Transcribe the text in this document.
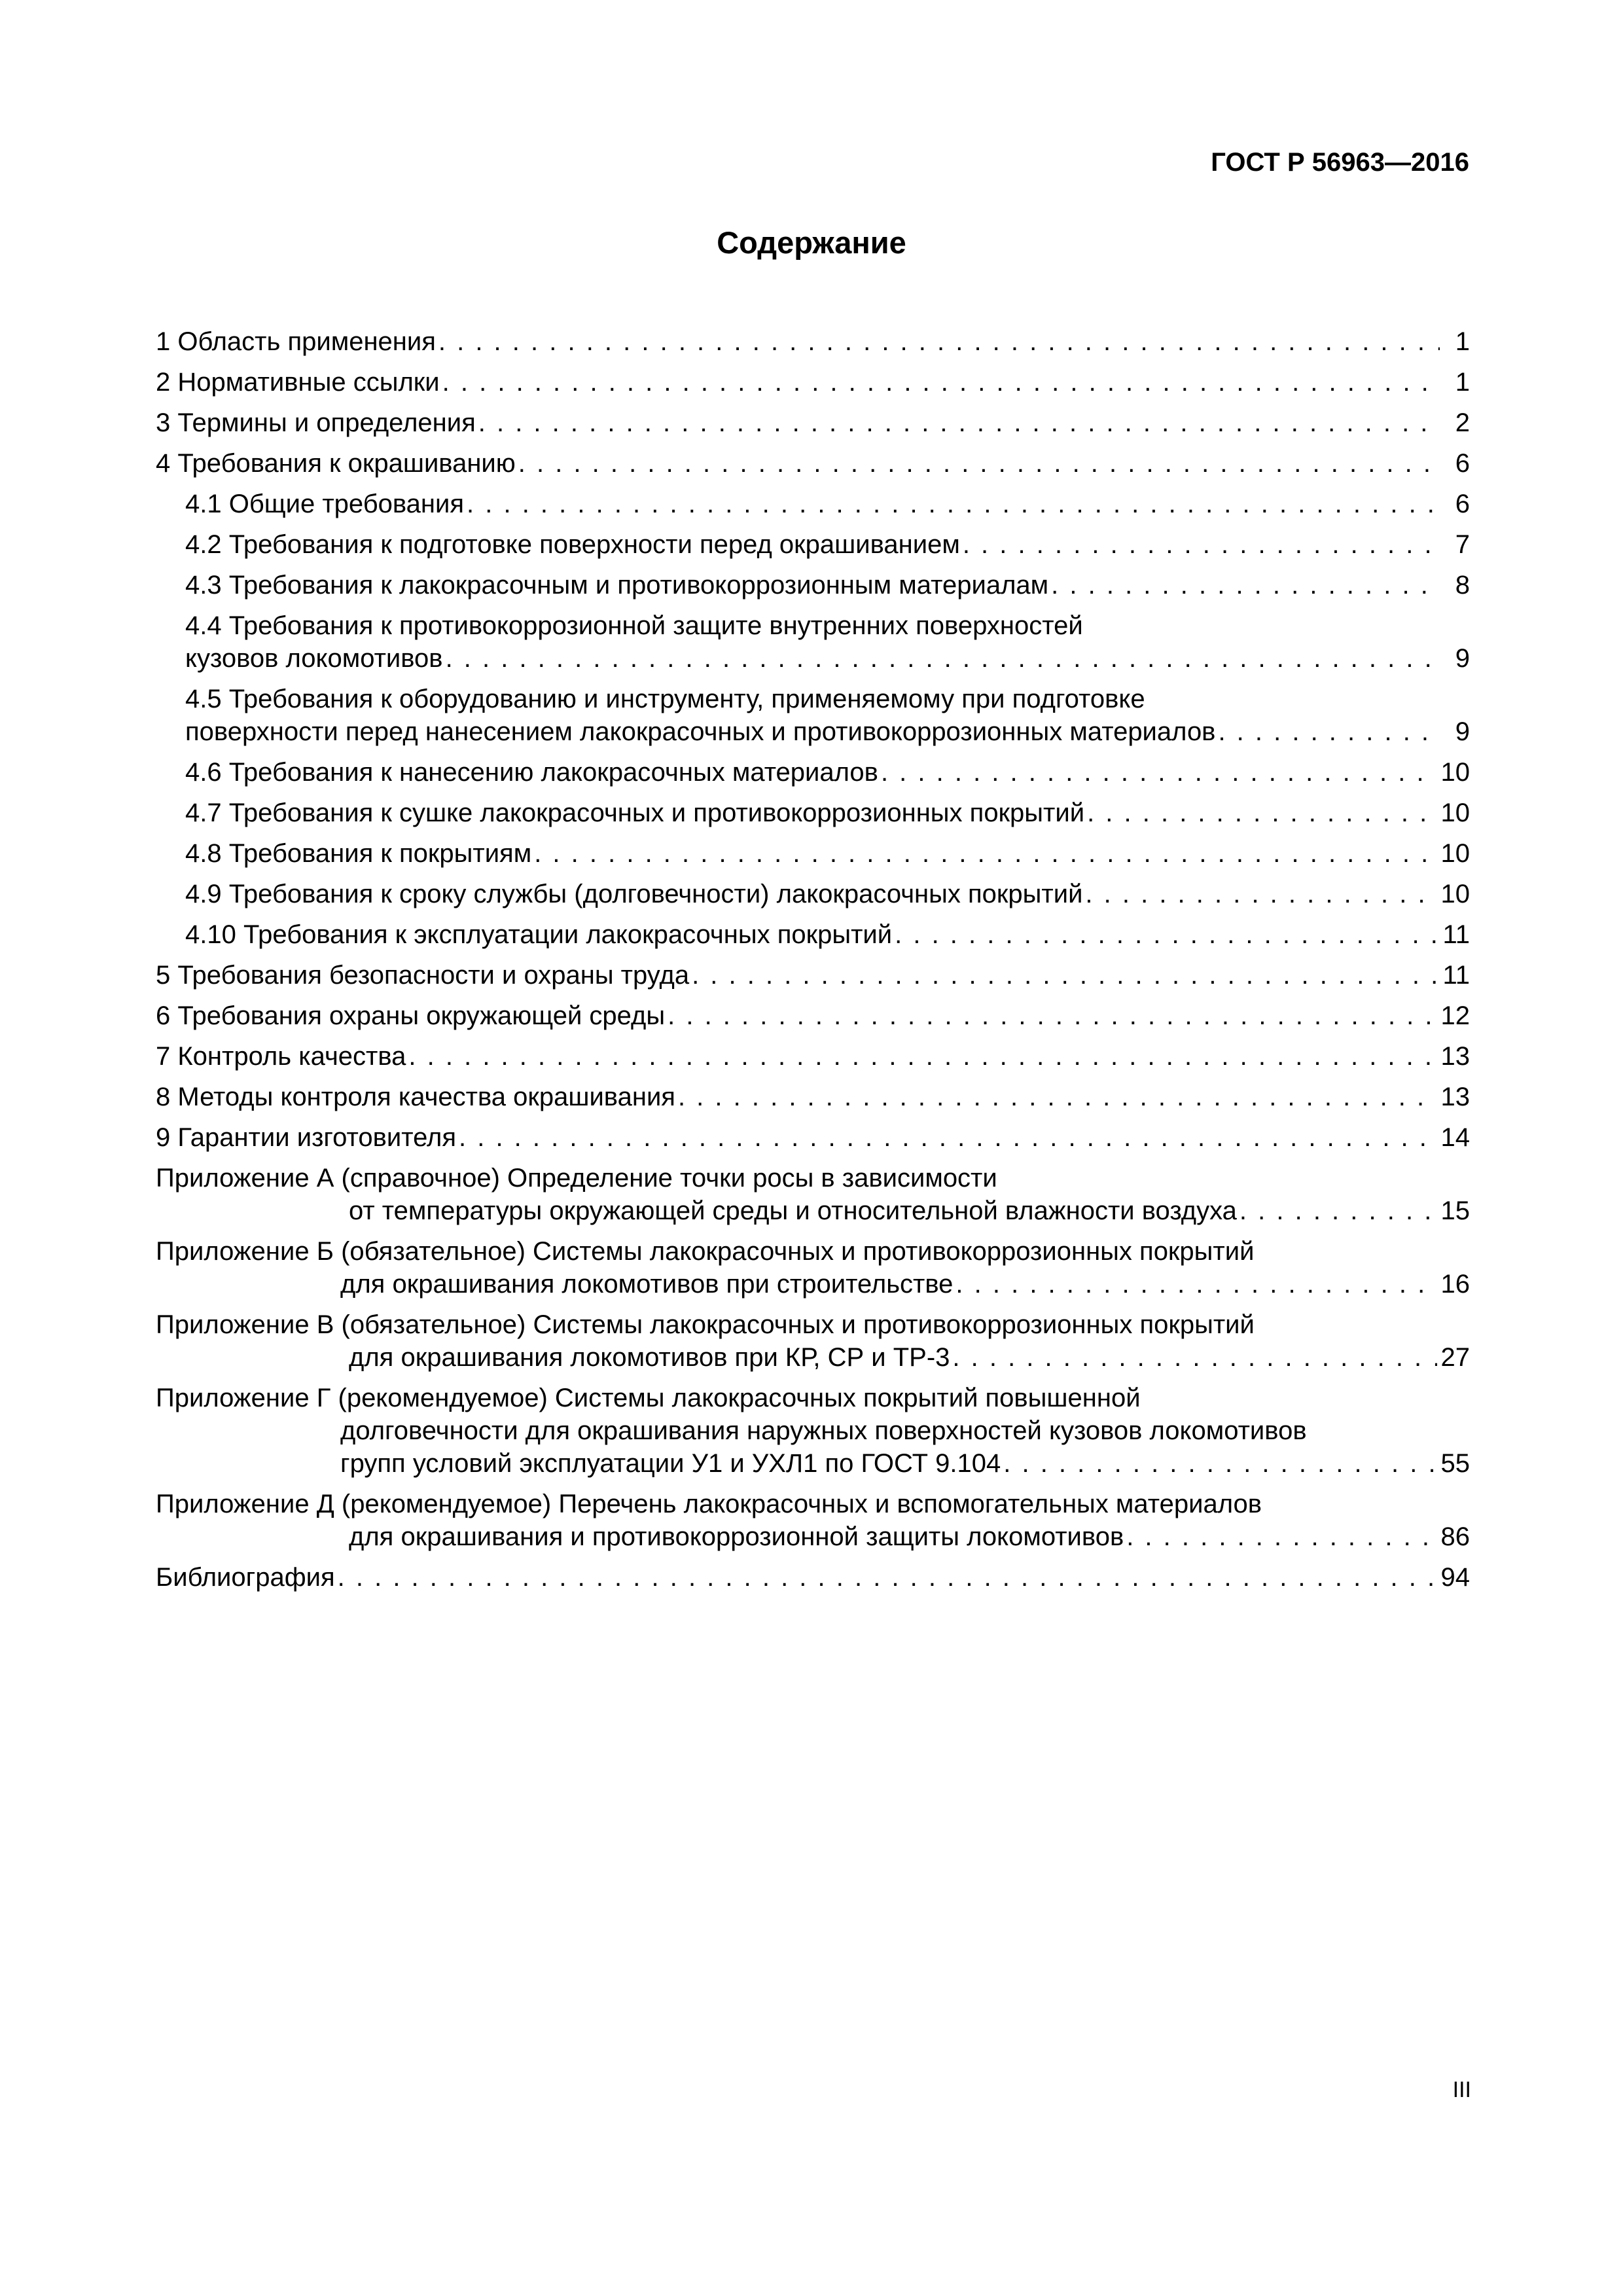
ГОСТ Р 56963—2016
Содержание
1 Область применения . . .	1
2 Нормативные ссылки . . .	1
3 Термины и определения . . .	2
4 Требования к окрашиванию . . .	6
4.1 Общие требования . . .	6
4.2 Требования к подготовке поверхности перед окрашиванием . . .	7
4.3 Требования к лакокрасочным и противокоррозионным материалам . . .	8
4.4 Требования к противокоррозионной защите внутренних поверхностей
кузовов локомотивов . . .	9
4.5 Требования к оборудованию и инструменту, применяемому при подготовке
поверхности перед нанесением лакокрасочных и противокоррозионных материалов . . .	9
4.6 Требования к нанесению лакокрасочных материалов . . .	10
4.7 Требования к сушке лакокрасочных и противокоррозионных покрытий . . .	10
4.8 Требования к покрытиям . . .	10
4.9 Требования к сроку службы (долговечности) лакокрасочных покрытий . . .	10
4.10 Требования к эксплуатации лакокрасочных покрытий . . .	11
5 Требования безопасности и охраны труда . . .	11
6 Требования охраны окружающей среды . . .	12
7 Контроль качества . . .	13
8 Методы контроля качества окрашивания . . .	13
9 Гарантии изготовителя . . .	14
Приложение А (справочное) Определение точки росы в зависимости
от температуры окружающей среды и относительной влажности воздуха . . .	15
Приложение Б (обязательное) Системы лакокрасочных и противокоррозионных покрытий
для окрашивания локомотивов при строительстве . . .	16
Приложение В (обязательное) Системы лакокрасочных и противокоррозионных покрытий
для окрашивания локомотивов при КР, СР и ТР-3 . . .	27
Приложение Г (рекомендуемое) Системы лакокрасочных покрытий повышенной
долговечности для окрашивания наружных поверхностей кузовов локомотивов
групп условий эксплуатации У1 и УХЛ1 по ГОСТ 9.104 . . .	55
Приложение Д (рекомендуемое) Перечень лакокрасочных и вспомогательных материалов
для окрашивания и противокоррозионной защиты локомотивов . . .	86
Библиография . . .	94
III
